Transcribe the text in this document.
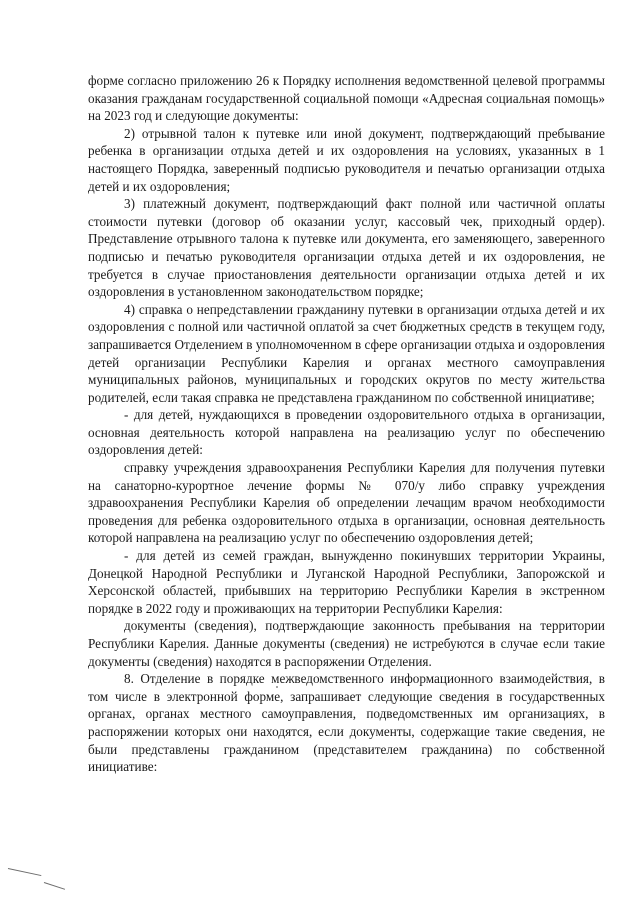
форме согласно приложению 26 к Порядку исполнения ведомственной целевой программы оказания гражданам государственной социальной помощи «Адресная социальная помощь» на 2023 год и следующие документы:

2) отрывной талон к путевке или иной документ, подтверждающий пребывание ребенка в организации отдыха детей и их оздоровления на условиях, указанных в 1 настоящего Порядка, заверенный подписью руководителя и печатью организации отдыха детей и их оздоровления;

3) платежный документ, подтверждающий факт полной или частичной оплаты стоимости путевки (договор об оказании услуг, кассовый чек, приходный ордер). Представление отрывного талона к путевке или документа, его заменяющего, заверенного подписью и печатью руководителя организации отдыха детей и их оздоровления, не требуется в случае приостановления деятельности организации отдыха детей и их оздоровления в установленном законодательством порядке;

4) справка о непредставлении гражданину путевки в организации отдыха детей и их оздоровления с полной или частичной оплатой за счет бюджетных средств в текущем году, запрашивается Отделением в уполномоченном в сфере организации отдыха и оздоровления детей организации Республики Карелия и органах местного самоуправления муниципальных районов, муниципальных и городских округов по месту жительства родителей, если такая справка не представлена гражданином по собственной инициативе;

- для детей, нуждающихся в проведении оздоровительного отдыха в организации, основная деятельность которой направлена на реализацию услуг по обеспечению оздоровления детей:

справку учреждения здравоохранения Республики Карелия для получения путевки на санаторно-курортное лечение формы № 070/у либо справку учреждения здравоохранения Республики Карелия об определении лечащим врачом необходимости проведения для ребенка оздоровительного отдыха в организации, основная деятельность которой направлена на реализацию услуг по обеспечению оздоровления детей;

- для детей из семей граждан, вынужденно покинувших территории Украины, Донецкой Народной Республики и Луганской Народной Республики, Запорожской и Херсонской областей, прибывших на территорию Республики Карелия в экстренном порядке в 2022 году и проживающих на территории Республики Карелия:

документы (сведения), подтверждающие законность пребывания на территории Республики Карелия. Данные документы (сведения) не истребуются в случае если такие документы (сведения) находятся в распоряжении Отделения.

8. Отделение в порядке межведомственного информационного взаимодействия, в том числе в электронной форме, запрашивает следующие сведения в государственных органах, органах местного самоуправления, подведомственных им организациях, в распоряжении которых они находятся, если документы, содержащие такие сведения, не были представлены гражданином (представителем гражданина) по собственной инициативе:
